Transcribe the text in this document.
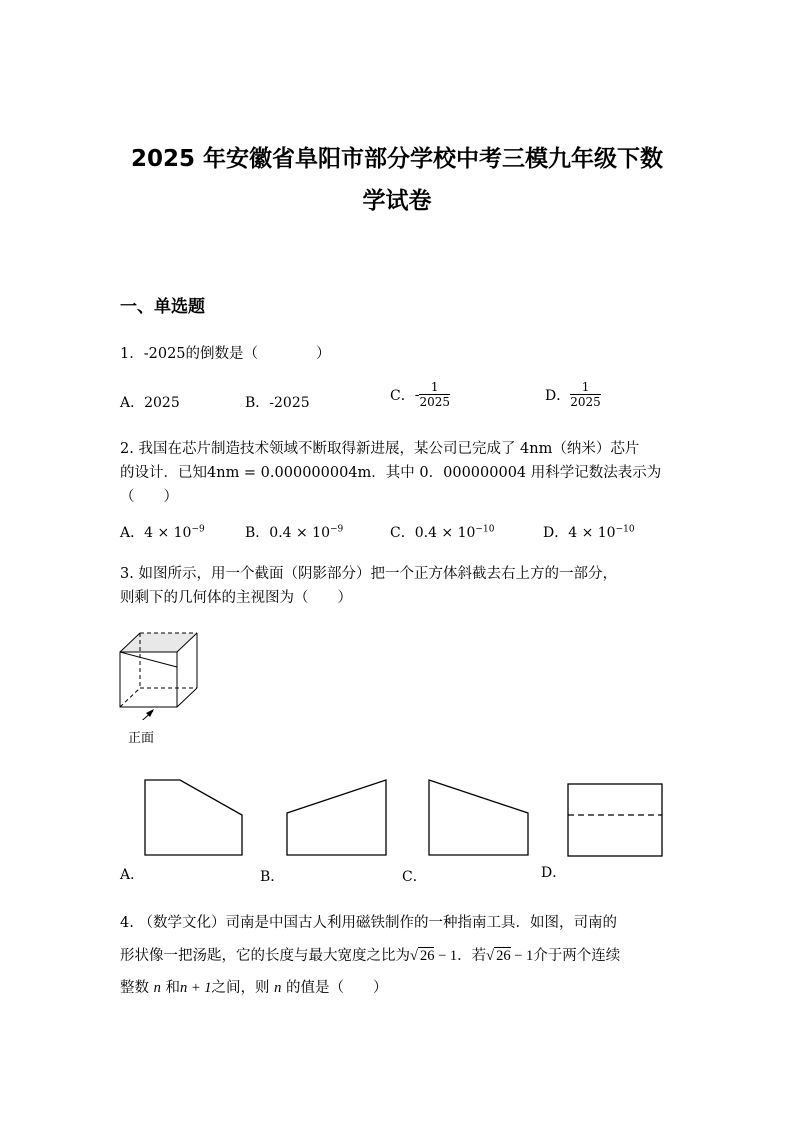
2025 年安徽省阜阳市部分学校中考三模九年级下数
学试卷
一、单选题
1．-2025的倒数是（　　　　）
A．2025	B．-2025	C．- $\frac{1}{2025}$	D． $\frac{1}{2025}$
2. 我国在芯片制造技术领域不断取得新进展，某公司已完成了 4nm（纳米）芯片
的设计．已知4nm = 0.000000004m．其中 0．000000004 用科学记数法表示为
（　　）
A．$4 \times 10^{-9}$	B．$0.4 \times 10^{-9}$	C．$0.4 \times 10^{-10}$	D．$4 \times 10^{-10}$
3. 如图所示，用一个截面（阴影部分）把一个正方体斜截去右上方的一部分，
则剩下的几何体的主视图为（　　）
正面
A．	B．	C．	D．
4. （数学文化）司南是中国古人利用磁铁制作的一种指南工具．如图，司南的
形状像一把汤匙，它的长度与最大宽度之比为√ 26 − 1．若√ 26 − 1介于两个连续
整数 n 和n + 1之间，则 n 的值是（　　）
